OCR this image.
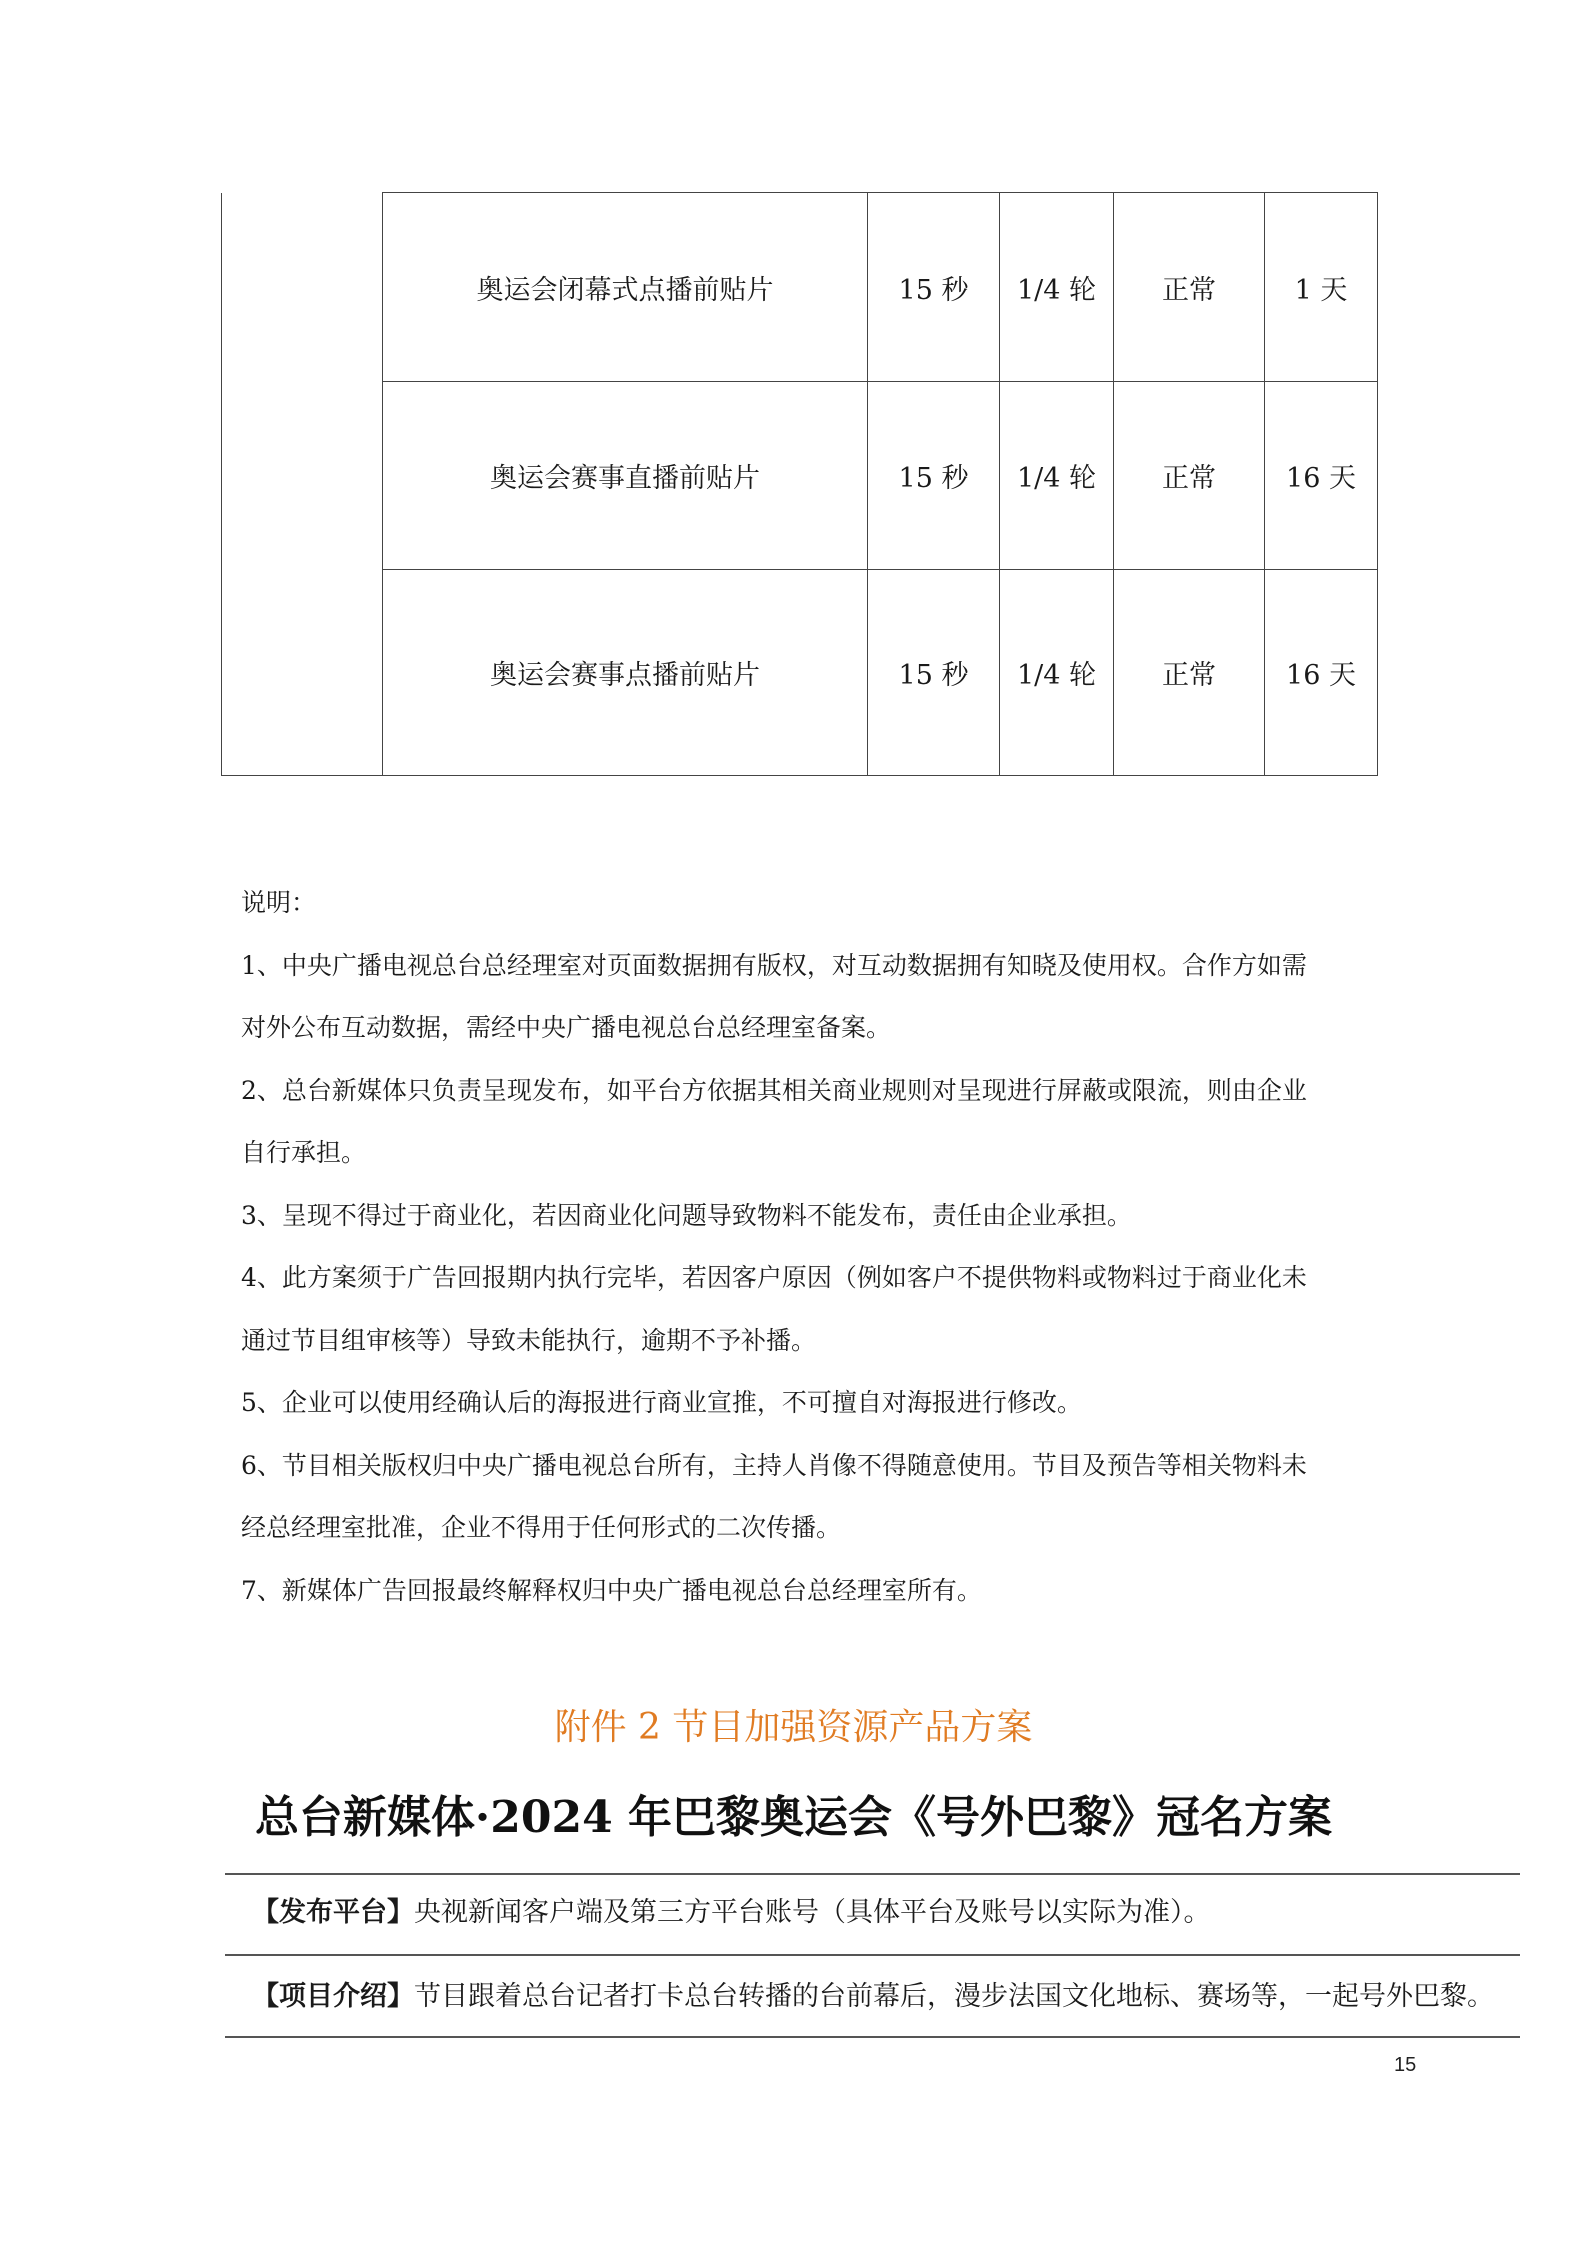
	奥运会闭幕式点播前贴片	15 秒	1/4 轮	正常	1 天
	奥运会赛事直播前贴片	15 秒	1/4 轮	正常	16 天
	奥运会赛事点播前贴片	15 秒	1/4 轮	正常	16 天

说明：

1、中央广播电视总台总经理室对页面数据拥有版权，对互动数据拥有知晓及使用权。合作方如需

对外公布互动数据，需经中央广播电视总台总经理室备案。

2、总台新媒体只负责呈现发布，如平台方依据其相关商业规则对呈现进行屏蔽或限流，则由企业

自行承担。

3、呈现不得过于商业化，若因商业化问题导致物料不能发布，责任由企业承担。

4、此方案须于广告回报期内执行完毕，若因客户原因（例如客户不提供物料或物料过于商业化未

通过节目组审核等）导致未能执行，逾期不予补播。

5、企业可以使用经确认后的海报进行商业宣推，不可擅自对海报进行修改。

6、节目相关版权归中央广播电视总台所有，主持人肖像不得随意使用。节目及预告等相关物料未

经总经理室批准，企业不得用于任何形式的二次传播。

7、新媒体广告回报最终解释权归中央广播电视总台总经理室所有。

附件 2 节目加强资源产品方案
总台新媒体·2024 年巴黎奥运会《号外巴黎》冠名方案
【发布平台】央视新闻客户端及第三方平台账号（具体平台及账号以实际为准）。
【项目介绍】节目跟着总台记者打卡总台转播的台前幕后，漫步法国文化地标、赛场等，一起号外巴黎。
15
